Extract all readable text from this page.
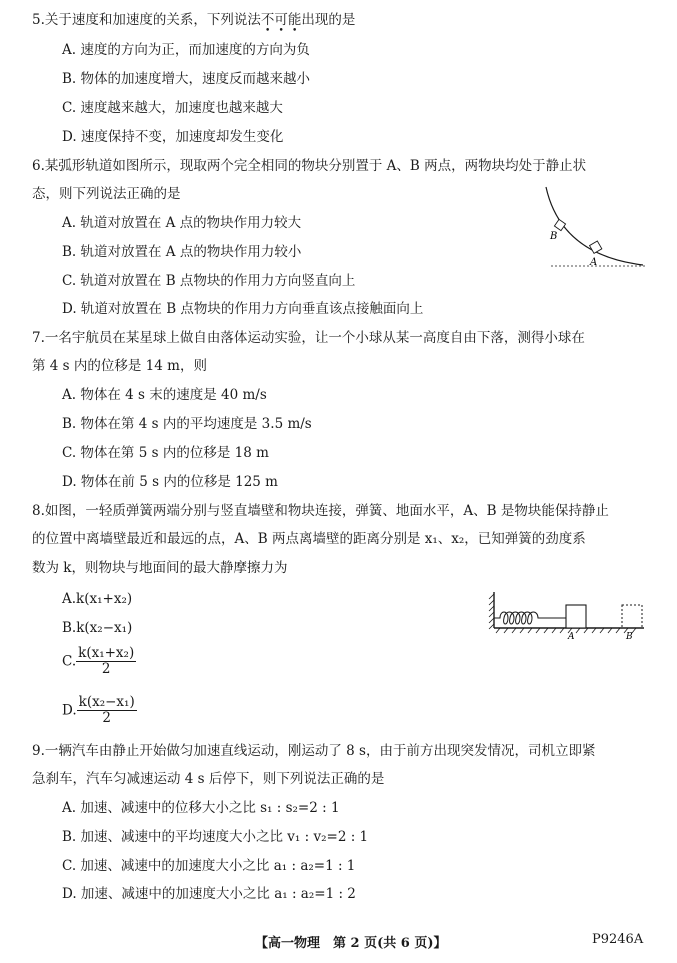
5.关于速度和加速度的关系，下列说法不可能出现的是
A. 速度的方向为正，而加速度的方向为负
B. 物体的加速度增大，速度反而越来越小
C. 速度越来越大，加速度也越来越大
D. 速度保持不变，加速度却发生变化
6.某弧形轨道如图所示，现取两个完全相同的物块分别置于 A、B 两点，两物块均处于静止状
态，则下列说法正确的是
A. 轨道对放置在 A 点的物块作用力较大
B. 轨道对放置在 A 点的物块作用力较小
C. 轨道对放置在 B 点物块的作用力方向竖直向上
D. 轨道对放置在 B 点物块的作用力方向垂直该点接触面向上
B
A
7.一名宇航员在某星球上做自由落体运动实验，让一个小球从某一高度自由下落，测得小球在
第 4 s 内的位移是 14 m，则
A. 物体在 4 s 末的速度是 40 m/s
B. 物体在第 4 s 内的平均速度是 3.5 m/s
C. 物体在第 5 s 内的位移是 18 m
D. 物体在前 5 s 内的位移是 125 m
8.如图，一轻质弹簧两端分别与竖直墙壁和物块连接，弹簧、地面水平，A、B 是物块能保持静止
的位置中离墙壁最近和最远的点，A、B 两点离墙壁的距离分别是 x₁、x₂，已知弹簧的劲度系
数为 k，则物块与地面间的最大静摩擦力为
A.k(x₁+x₂)
B.k(x₂−x₁)
C. $\frac{\text{k(x₁+x₂)}}{2}$
D. $\frac{\text{k(x₂−x₁)}}{2}$
A	B
9.一辆汽车由静止开始做匀加速直线运动，刚运动了 8 s，由于前方出现突发情况，司机立即紧
急刹车，汽车匀减速运动 4 s 后停下，则下列说法正确的是
A. 加速、减速中的位移大小之比 s₁ : s₂=2 : 1
B. 加速、减速中的平均速度大小之比 v₁ : v₂=2 : 1
C. 加速、减速中的加速度大小之比 a₁ : a₂=1 : 1
D. 加速、减速中的加速度大小之比 a₁ : a₂=1 : 2
【高一物理　第 2 页(共 6 页)】	P9246A
